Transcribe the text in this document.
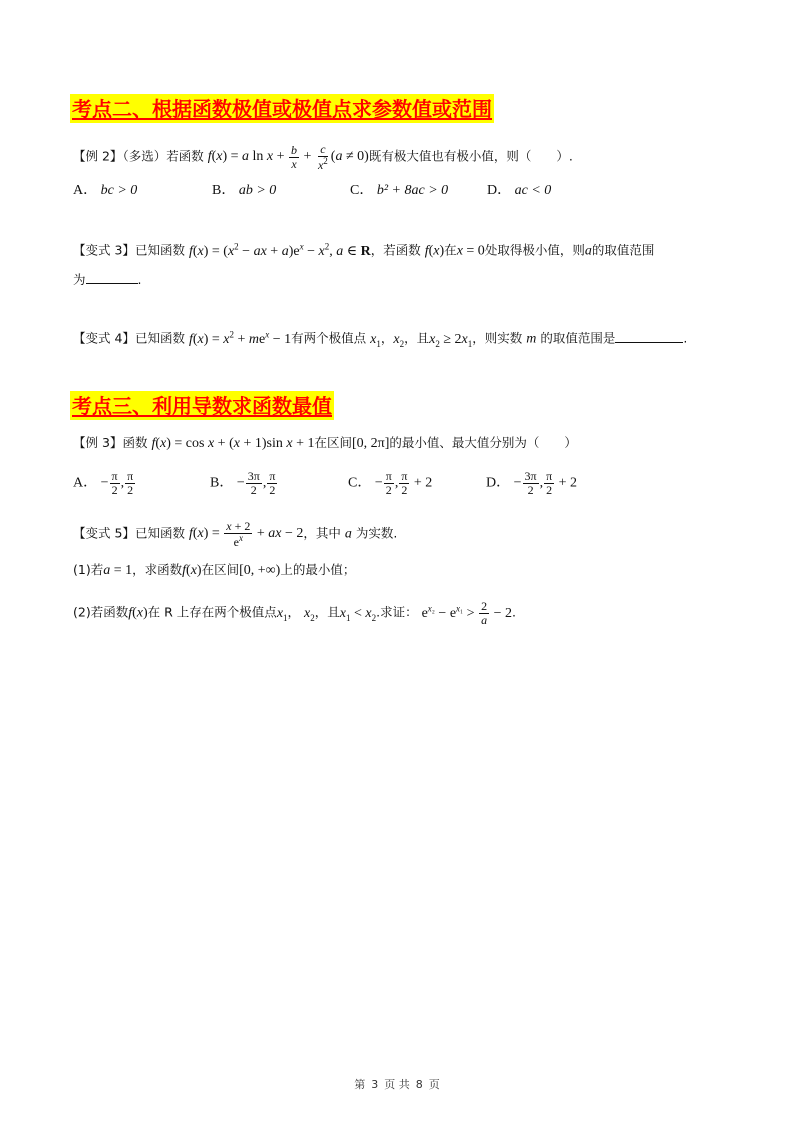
考点二、根据函数极值或极值点求参数值或范围
【例 2】（多选）若函数 f(x) = a $\ln x + \frac{b}{x} + \frac{c}{x^2} (a \ne 0)$既有极大值也有极小值，则（　　）.
A． bc > 0	B． ab > 0	C． b² + 8ac > 0	D． ac < 0
【变式 3】已知函数 $f(x) = (x^2$ − ax + $a)e^x - x^2$, a ∈ R，若函数 f(x)在x = 0处取得极小值，则a的取值范围
为	.
【变式 4】已知函数 $f(x) = x^2 + me^x - 1$有两个极值点 $x_1$，$x_2$，且$x_2 \ge 2x_1$，则实数 m 的取值范围是	.
考点三、利用导数求函数最值
【例 3】函数 f(x) = cos x + (x + 1)sin x + 1在区间[0, 2π]的最小值、最大值分别为（　　）
A． − $\frac{\pi}{2}$ , $\frac{\pi}{2}$	B． − $\frac{3\pi}{2}$ , $\frac{\pi}{2}$	C． − $\frac{\pi}{2}$ , $\frac{\pi}{2} + 2$	D． − $\frac{3\pi}{2}$ , $\frac{\pi}{2} + 2$
【变式 5】已知函数 $f(x) = \frac{x + 2}{e^x}$ + ax − 2，其中 a 为实数.
(1)若a = 1，求函数f(x)在区间[0, +∞)上的最小值；
(2)若函数f(x)在 R 上存在两个极值点$x_1$， $x_2$，且$x_1 < x_2$.求证： $e^{x_2} - e^{x_1} > \frac{2}{a} - 2$.
第 3 页 共 8 页
